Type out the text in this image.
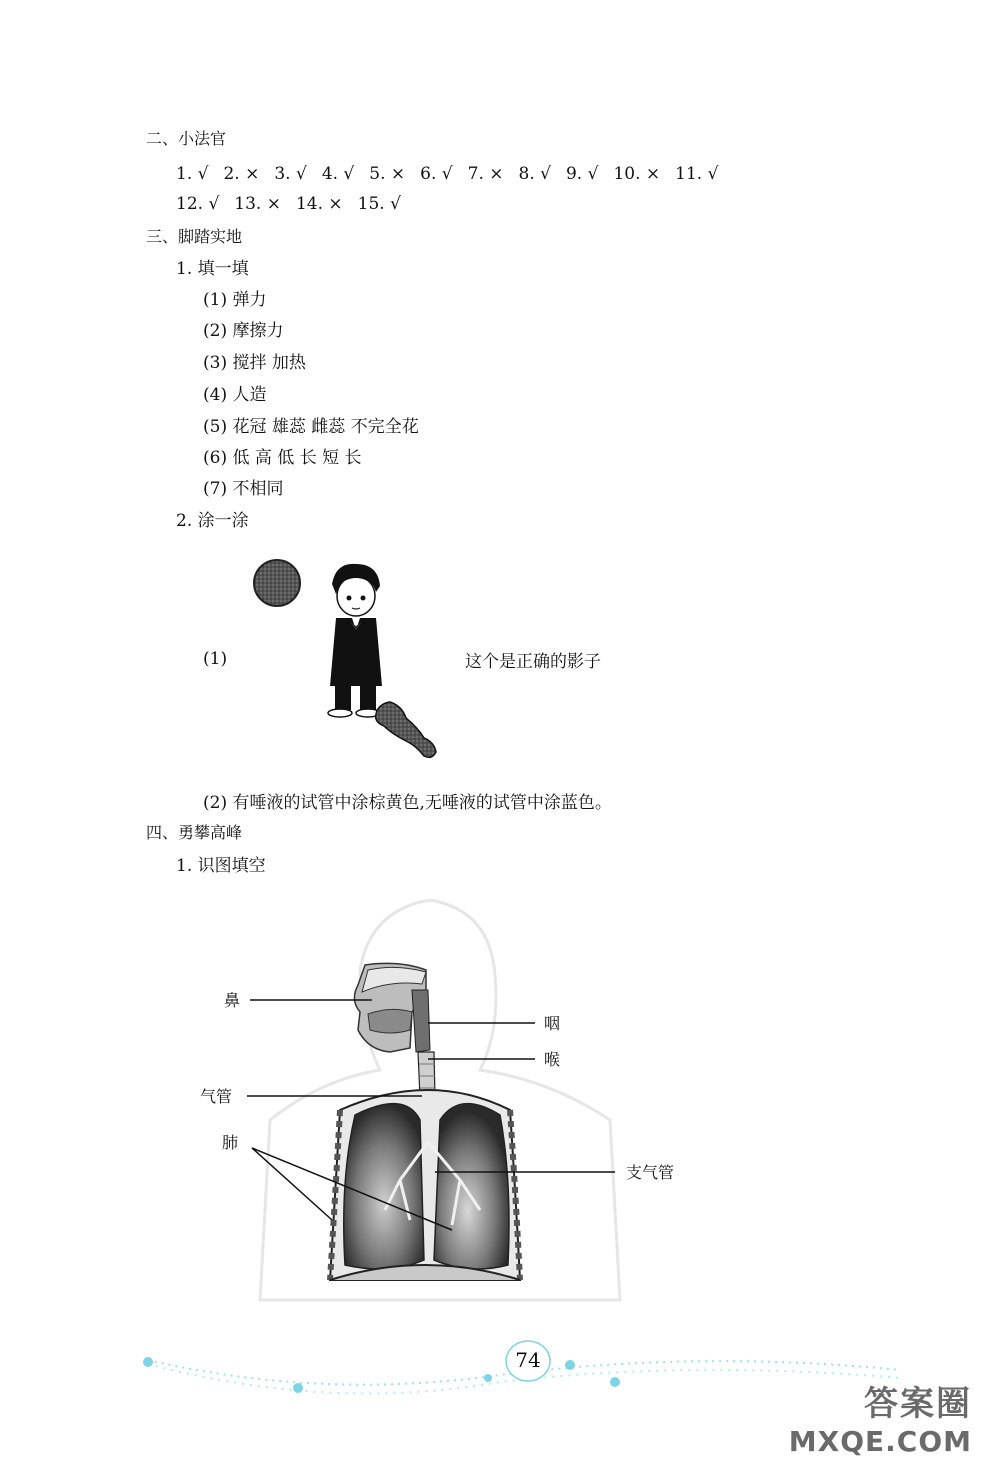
二、小法官
1. √ 2. × 3. √ 4. √ 5. × 6. √ 7. × 8. √ 9. √ 10. × 11. √
12. √ 13. × 14. × 15. √
三、脚踏实地
1. 填一填
(1) 弹力
(2) 摩擦力
(3) 搅拌 加热
(4) 人造
(5) 花冠 雄蕊 雌蕊 不完全花
(6) 低 高 低 长 短 长
(7) 不相同
2. 涂一涂
(1)	这个是正确的影子
(2) 有唾液的试管中涂棕黄色,无唾液的试管中涂蓝色。
四、勇攀高峰
1. 识图填空
鼻
咽
喉
气管
肺
支气管
74
答案圈
MXQE.COM
